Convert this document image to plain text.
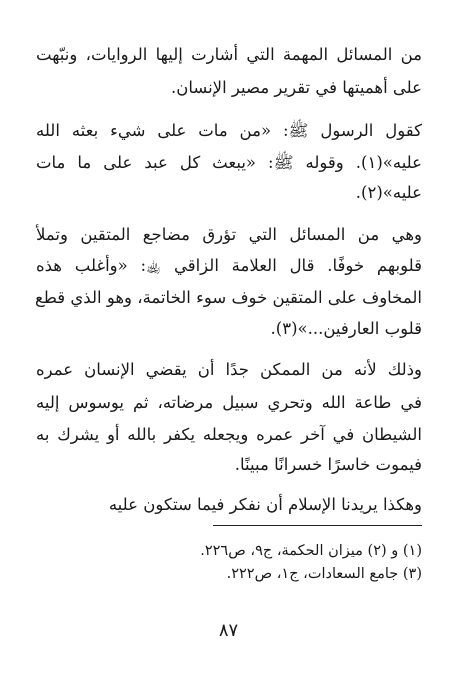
من المسائل المهمة التي أشارت إليها الروايات، ونبّهت
على أهميتها في تقرير مصير الإنسان.
كقول الرسول ﷺ: «من مات على شيء بعثه الله
عليه»(١). وقوله ﷺ: «يبعث كل عبد على ما مات
عليه»(٢).
وهي من المسائل التي تؤرق مضاجع المتقين وتملأ
قلوبهم خوفًا. قال العلامة الزاقي ﵀: «وأغلب هذه
المخاوف على المتقين خوف سوء الخاتمة، وهو الذي قطع
قلوب العارفين...»(٣).
وذلك لأنه من الممكن جدًا أن يقضي الإنسان عمره
في طاعة الله وتحري سبيل مرضاته، ثم يوسوس إليه
الشيطان في آخر عمره ويجعله يكفر بالله أو يشرك به
فيموت خاسرًا خسرانًا مبينًا.
وهكذا يريدنا الإسلام أن نفكر فيما ستكون عليه
(١) و (٢) ميزان الحكمة، ج٩، ص٢٢٦.
(٣) جامع السعادات، ج١، ص٢٢٢.
٨٧
